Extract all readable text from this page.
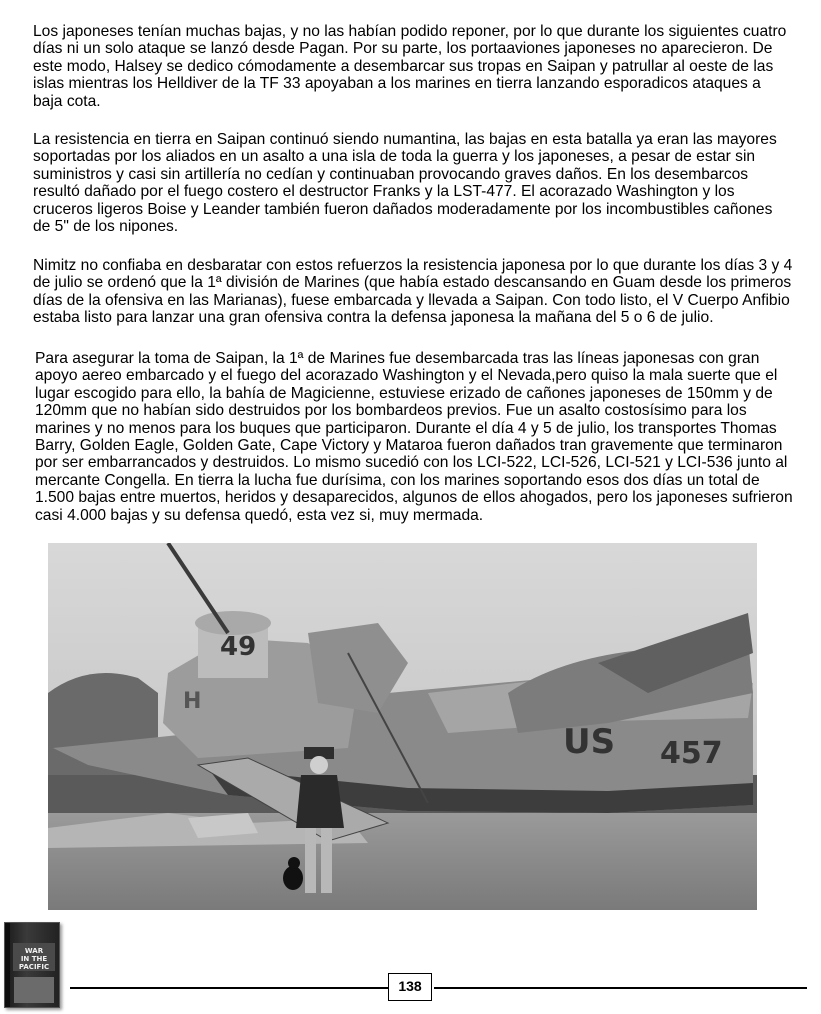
Los japoneses tenían muchas bajas, y no las habían podido reponer, por lo que durante los siguientes cuatro días ni un solo ataque se lanzó desde Pagan. Por su parte, los portaaviones japoneses no aparecieron. De este modo, Halsey se dedico cómodamente a desembarcar sus tropas en Saipan y patrullar al oeste de las islas mientras los Helldiver de la TF 33 apoyaban a los marines en tierra lanzando esporadicos ataques a baja cota.

La resistencia en tierra en Saipan continuó siendo numantina, las bajas en esta batalla ya eran las mayores soportadas por los aliados en un asalto a una isla de toda la guerra y los japoneses, a pesar de estar sin suministros y casi sin artillería no cedían y continuaban provocando graves daños. En los desembarcos resultó dañado por el fuego costero el destructor Franks y la LST-477. El acorazado Washington y los cruceros ligeros Boise y Leander también fueron dañados moderadamente por los incombustibles cañones de 5" de los nipones.

Nimitz no confiaba en desbaratar con estos refuerzos la resistencia japonesa por lo que durante los días 3 y 4 de julio se ordenó que la 1ª división de Marines (que había estado descansando en Guam desde los primeros días de la ofensiva en las Marianas), fuese embarcada y llevada a Saipan. Con todo listo, el V Cuerpo Anfibio estaba listo para lanzar una gran ofensiva contra la defensa japonesa la mañana del 5 o 6 de julio.

Para asegurar la toma de Saipan, la 1ª de Marines fue desembarcada tras las líneas japonesas con gran apoyo aereo embarcado y el fuego del acorazado Washington y el Nevada,pero quiso la mala suerte que el lugar escogido para ello, la bahía de Magicienne, estuviese erizado de cañones japoneses de 150mm y de 120mm que no habían sido destruidos por los bombardeos previos. Fue un asalto costosísimo para los marines y no menos para los buques que participaron. Durante el día 4 y 5 de julio, los transportes Thomas Barry, Golden Eagle, Golden Gate, Cape Victory y Mataroa fueron dañados tran gravemente que terminaron por ser embarrancados y destruidos. Lo mismo sucedió con los LCI-522, LCI-526, LCI-521 y LCI-536 junto al mercante Congella. En tierra la lucha fue durísima, con los marines soportando esos dos días un total de 1.500 bajas entre muertos, heridos y desaparecidos, algunos de ellos ahogados, pero los japoneses sufrieron casi 4.000 bajas y su defensa quedó, esta vez si, muy mermada.

49
H
US 457
WAR
IN THE
PACIFIC
138
